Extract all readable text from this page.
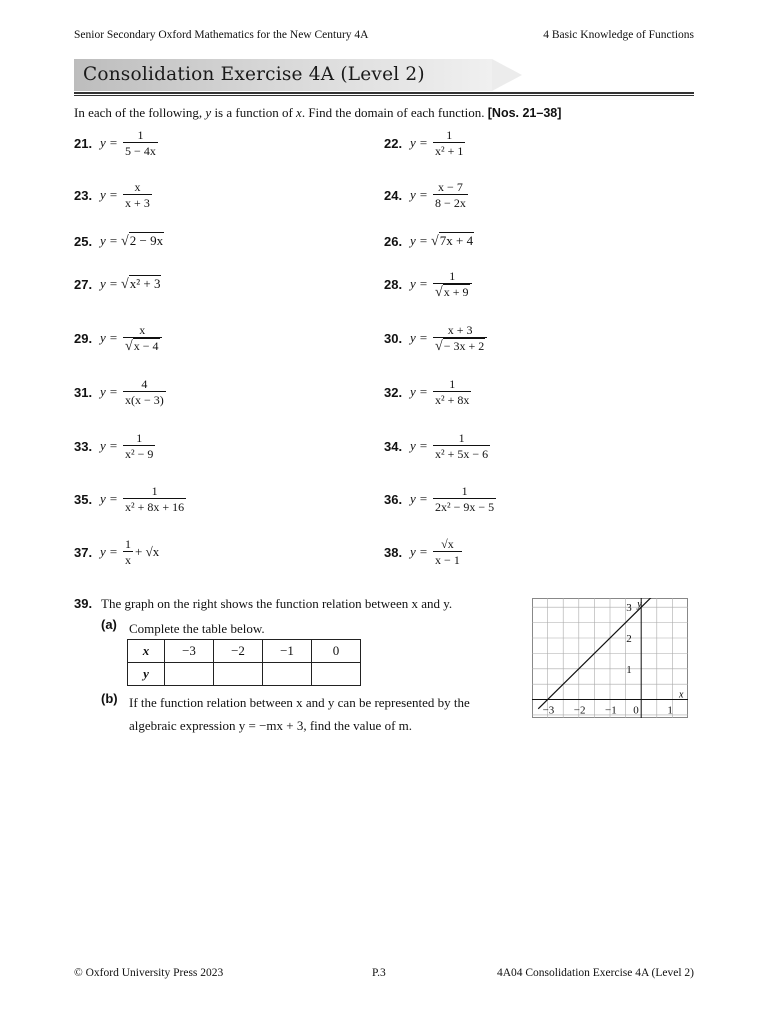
Senior Secondary Oxford Mathematics for the New Century 4A	4 Basic Knowledge of Functions
Consolidation Exercise 4A (Level 2)
In each of the following, y is a function of x. Find the domain of each function. [Nos. 21–38]
21. y =
$\frac{1}{5 - 4x}$	22. y =
$\frac{1}{\text{x² + 1}}$
23. y =
$\frac{x}{x + 3}$	24. y =
$\frac{x - 7}{8 - 2x}$
25. y =
√2 − 9x	26. y =
√7x + 4
27. y =
√x² + 3	28. y =
$\frac{1}{√x + 9}$
29. y =
$\frac{x}{√x - 4}$	30. y =
$\frac{x + 3}{√- 3x + 2}$
31. y =
$\frac{4}{x(x - 3)}$	32. y =
$\frac{1}{\text{x² + 8x}}$
33. y =
$\frac{1}{\text{x² − 9}}$	34. y =
$\frac{1}{\text{x² + 5x − 6}}$
35. y =
$\frac{1}{\text{x² + 8x + 16}}$	36. y =
$\frac{1}{\text{2x² − 9x − 5}}$
37. y =
$\frac{1}{x} + √x$	38. y =
$\frac{√x}{x - 1}$
39. The graph on the right shows the function relation between x and y.
(a) Complete the table below.
x	−3	−2	−1	0
y				
(b) If the function relation between x and y can be represented by the
algebraic expression y = −mx + 3, find the value of m.
−3 −2 −1 0	1
1
2
3
x
y
© Oxford University Press 2023	P.3	4A04 Consolidation Exercise 4A (Level 2)
